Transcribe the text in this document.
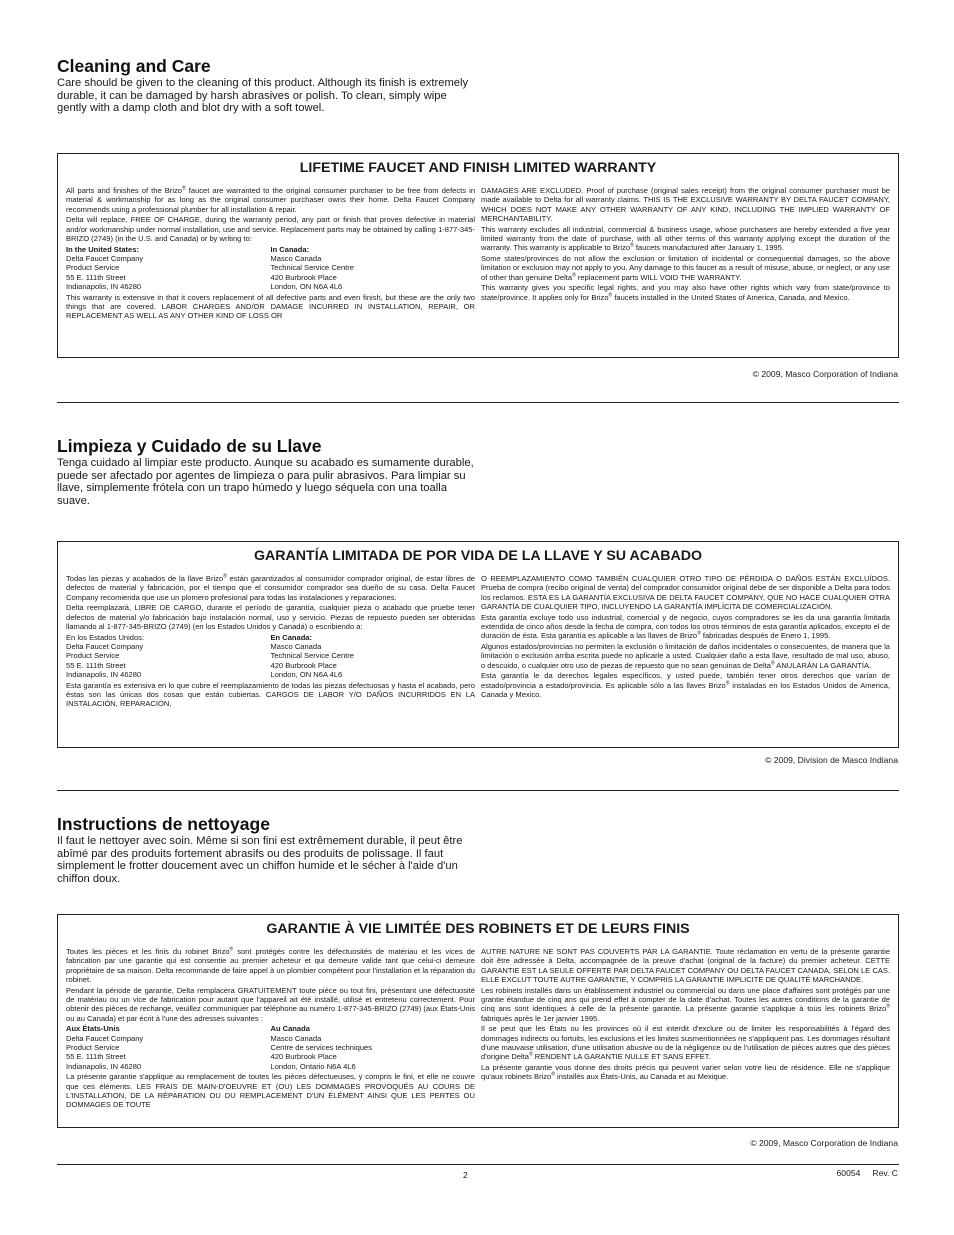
Cleaning and Care
Care should be given to the cleaning of this product. Although its finish is extremely durable, it can be damaged by harsh abrasives or polish. To clean, simply wipe gently with a damp cloth and blot dry with a soft towel.
LIFETIME FAUCET AND FINISH LIMITED WARRANTY

All parts and finishes of the Brizo® faucet are warranted to the original consumer purchaser to be free from defects in material & workmanship for as long as the original consumer purchaser owns their home. Delta Faucet Company recommends using a professional plumber for all installation & repair.

Delta will replace, FREE OF CHARGE, during the warranty period, any part or finish that proves defective in material and/or workmanship under normal installation, use and service. Replacement parts may be obtained by calling 1-877-345-BRIZO (2749) (in the U.S. and Canada) or by writing to:

In the United States:
Delta Faucet Company
Product Service
55 E. 111th Street
Indianapolis, IN 46280
In Canada:
Masco Canada
Technical Service Centre
420 Burbrook Place
London, ON N6A 4L6

This warranty is extensive in that it covers replacement of all defective parts and even finish, but these are the only two things that are covered. LABOR CHARGES AND/OR DAMAGE INCURRED IN INSTALLATION, REPAIR, OR REPLACEMENT AS WELL AS ANY OTHER KIND OF LOSS OR

DAMAGES ARE EXCLUDED. Proof of purchase (original sales receipt) from the original consumer purchaser must be made available to Delta for all warranty claims. THIS IS THE EXCLUSIVE WARRANTY BY DELTA FAUCET COMPANY, WHICH DOES NOT MAKE ANY OTHER WARRANTY OF ANY KIND, INCLUDING THE IMPLIED WARRANTY OF MERCHANTABILITY.

This warranty excludes all industrial, commercial & business usage, whose purchasers are hereby extended a five year limited warranty from the date of purchase, with all other terms of this warranty applying except the duration of the warranty. This warranty is applicable to Brizo® faucets manufactured after January 1, 1995.

Some states/provinces do not allow the exclusion or limitation of incidental or consequential damages, so the above limitation or exclusion may not apply to you. Any damage to this faucet as a result of misuse, abuse, or neglect, or any use of other than genuine Delta® replacement parts WILL VOID THE WARRANTY.

This warranty gives you specific legal rights, and you may also have other rights which vary from state/province to state/province. It applies only for Brizo® faucets installed in the United States of America, Canada, and Mexico.

© 2009, Masco Corporation of Indiana
Limpieza y Cuidado de su Llave
Tenga cuidado al limpiar este producto. Aunque su acabado es sumamente durable, puede ser afectado por agentes de limpieza o para pulir abrasivos. Para limpiar su llave, simplemente frótela con un trapo húmedo y luego séquela con una toalla suave.
GARANTÍA LIMITADA DE POR VIDA DE LA LLAVE Y SU ACABADO

Todas las piezas y acabados de la llave Brizo® están garantizados al consumidor comprador original, de estar libres de defectos de material y fabricación, por el tiempo que el consumidor comprador sea dueño de su casa. Delta Faucet Company recomienda que use un plomero profesional para todas las instalaciones y reparaciones.

Delta reemplazará, LIBRE DE CARGO, durante el período de garantía, cualquier pieza o acabado que pruebe tener defectos de material y/o fabricación bajo instalación normal, uso y servicio. Piezas de repuesto pueden ser obtenidas llamando al 1-877-345-BRIZO (2749) (en los Estados Unidos y Canadá) o escribiendo a:

En los Estados Unidos:
Delta Faucet Company
Product Service
55 E. 111th Street
Indianapolis, IN 46280
En Canada:
Masco Canada
Technical Service Centre
420 Burbrook Place
London, ON N6A 4L6

Esta garantía es extensiva en lo que cubre el reemplazamiento de todas las piezas defectuosas y hasta el acabado, pero éstas son las únicas dos cosas que están cubiertas. CARGOS DE LABOR Y/O DAÑOS INCURRIDOS EN LA INSTALACIÓN, REPARACIÓN,

O REEMPLAZAMIENTO COMO TAMBIÉN CUALQUIER OTRO TIPO DE PÉRDIDA O DAÑOS ESTÁN EXCLUÍDOS. Prueba de compra (recibo original de venta) del comprador consumidor original debe de ser disponible a Delta para todos los reclamos. ESTA ES LA GARANTÍA EXCLUSIVA DE DELTA FAUCET COMPANY, QUE NO HACE CUALQUIER OTRA GARANTÍA DE CUALQUIER TIPO, INCLUYENDO LA GARANTÍA IMPLÍCITA DE COMERCIALIZACIÓN.

Esta garantía excluye todo uso industrial, comercial y de negocio, cuyos compradores se les da una garantía limitada extendida de cinco años desde la fecha de compra, con todos los otros términos de esta garantía aplicados, excepto el de duración de ésta. Esta garantía es aplicable a las llaves de Brizo® fabricadas después de Enero 1, 1995.

Algunos estados/provincias no permiten la exclusión o limitación de daños incidentales o consecuentes, de manera que la limitación o exclusión arriba escrita puede no aplicarle a usted. Cualquier daño a esta llave, resultado de mal uso, abuso, o descuido, o cualquier otro uso de piezas de repuesto que no sean genuinas de Delta® ANULARÁN LA GARANTÍA.

Esta garantía le da derechos legales específicos, y usted puede, también tener otros derechos que varían de estado/provincia a estado/provincia. Es aplicable sólo a las llaves Brizo® instaladas en los Estados Unidos de America, Canada y Mexico.

© 2009, Division de Masco Indiana
Instructions de nettoyage
Il faut le nettoyer avec soin. Même si son fini est extrêmement durable, il peut être abîmé par des produits fortement abrasifs ou des produits de polissage. Il faut simplement le frotter doucement avec un chiffon humide et le sécher à l'aide d'un chiffon doux.
GARANTIE À VIE LIMITÉE DES ROBINETS ET DE LEURS FINIS

Toutes les pièces et les finis du robinet Brizo® sont protégés contre les défectuosités de matériau et les vices de fabrication par une garantie qui est consentie au premier acheteur et qui demeure valide tant que celui-ci demeure propriétaire de sa maison. Delta recommande de faire appel à un plombier compétent pour l'installation et la réparation du robinet.

Pendant la période de garantie, Delta remplacera GRATUITEMENT toute pièce ou tout fini, présentant une défectuosité de matériau ou un vice de fabrication pour autant que l'appareil ait été installé, utilisé et entretenu correctement. Pour obtenir des pièces de rechange, veuillez communiquer par téléphone au numéro 1-877-345-BRIZO (2749) (aux États-Unis ou au Canada) et par écrit à l'une des adresses suivantes :

Aux États-Unis
Delta Faucet Company
Product Service
55 E. 111th Street
Indianapolis, IN 46280
Au Canada
Masco Canada
Centre de services techniques
420 Burbrook Place
London, Ontario N6A 4L6

La présente garantie s'applique au remplacement de toutes les pièces défectueuses, y compris le fini, et elle ne couvre que ces éléments. LES FRAIS DE MAIN-D'OEUVRE ET (OU) LES DOMMAGES PROVOQUÉS AU COURS DE L'INSTALLATION, DE LA RÉPARATION OU DU REMPLACEMENT D'UN ÉLÉMENT AINSI QUE LES PERTES OU DOMMAGES DE TOUTE

AUTRE NATURE NE SONT PAS COUVERTS PAR LA GARANTIE. Toute réclamation en vertu de la présente garantie doit être adressée à Delta, accompagnée de la preuve d'achat (original de la facture) du premier acheteur. CETTE GARANTIE EST LA SEULE OFFERTE PAR DELTA FAUCET COMPANY OU DELTA FAUCET CANADA, SELON LE CAS. ELLE EXCLUT TOUTE AUTRE GARANTIE, Y COMPRIS LA GARANTIE IMPLICITE DE QUALITÉ MARCHANDE.

Les robinets installés dans un établissement industriel ou commercial ou dans une place d'affaires sont protégés par une grantie étandue de cinq ans qui prend effet à compter de la date d'achat. Toutes les autres conditions de la garantie de cinq ans sont identiques à celle de la présente garantie. La présente garantie s'applique à tous les robinets Brizo® fabriqués après le 1er janvier 1995.

Il se peut que les États ou les provinces où il est interdit d'exclure ou de limiter les responsabilités à l'égard des dommages indirects ou fortuits, les exclusions et les limites susmentionnées ne s'appliquent pas. Les dommages résultant d'une mauvaise utilisation, d'une utilisation abusive ou de la négligence ou de l'utilisation de pièces autres que des pièces d'origine Delta® RENDENT LA GARANTIE NULLE ET SANS EFFET.

La présente garantie vous donne des droits précis qui peuvent varier selon votre lieu de résidence. Elle ne s'applique qu'aux robinets Brizo® installés aux États-Unis, au Canada et au Mexique.

© 2009, Masco Corporation de Indiana
2	60054     Rev. C
